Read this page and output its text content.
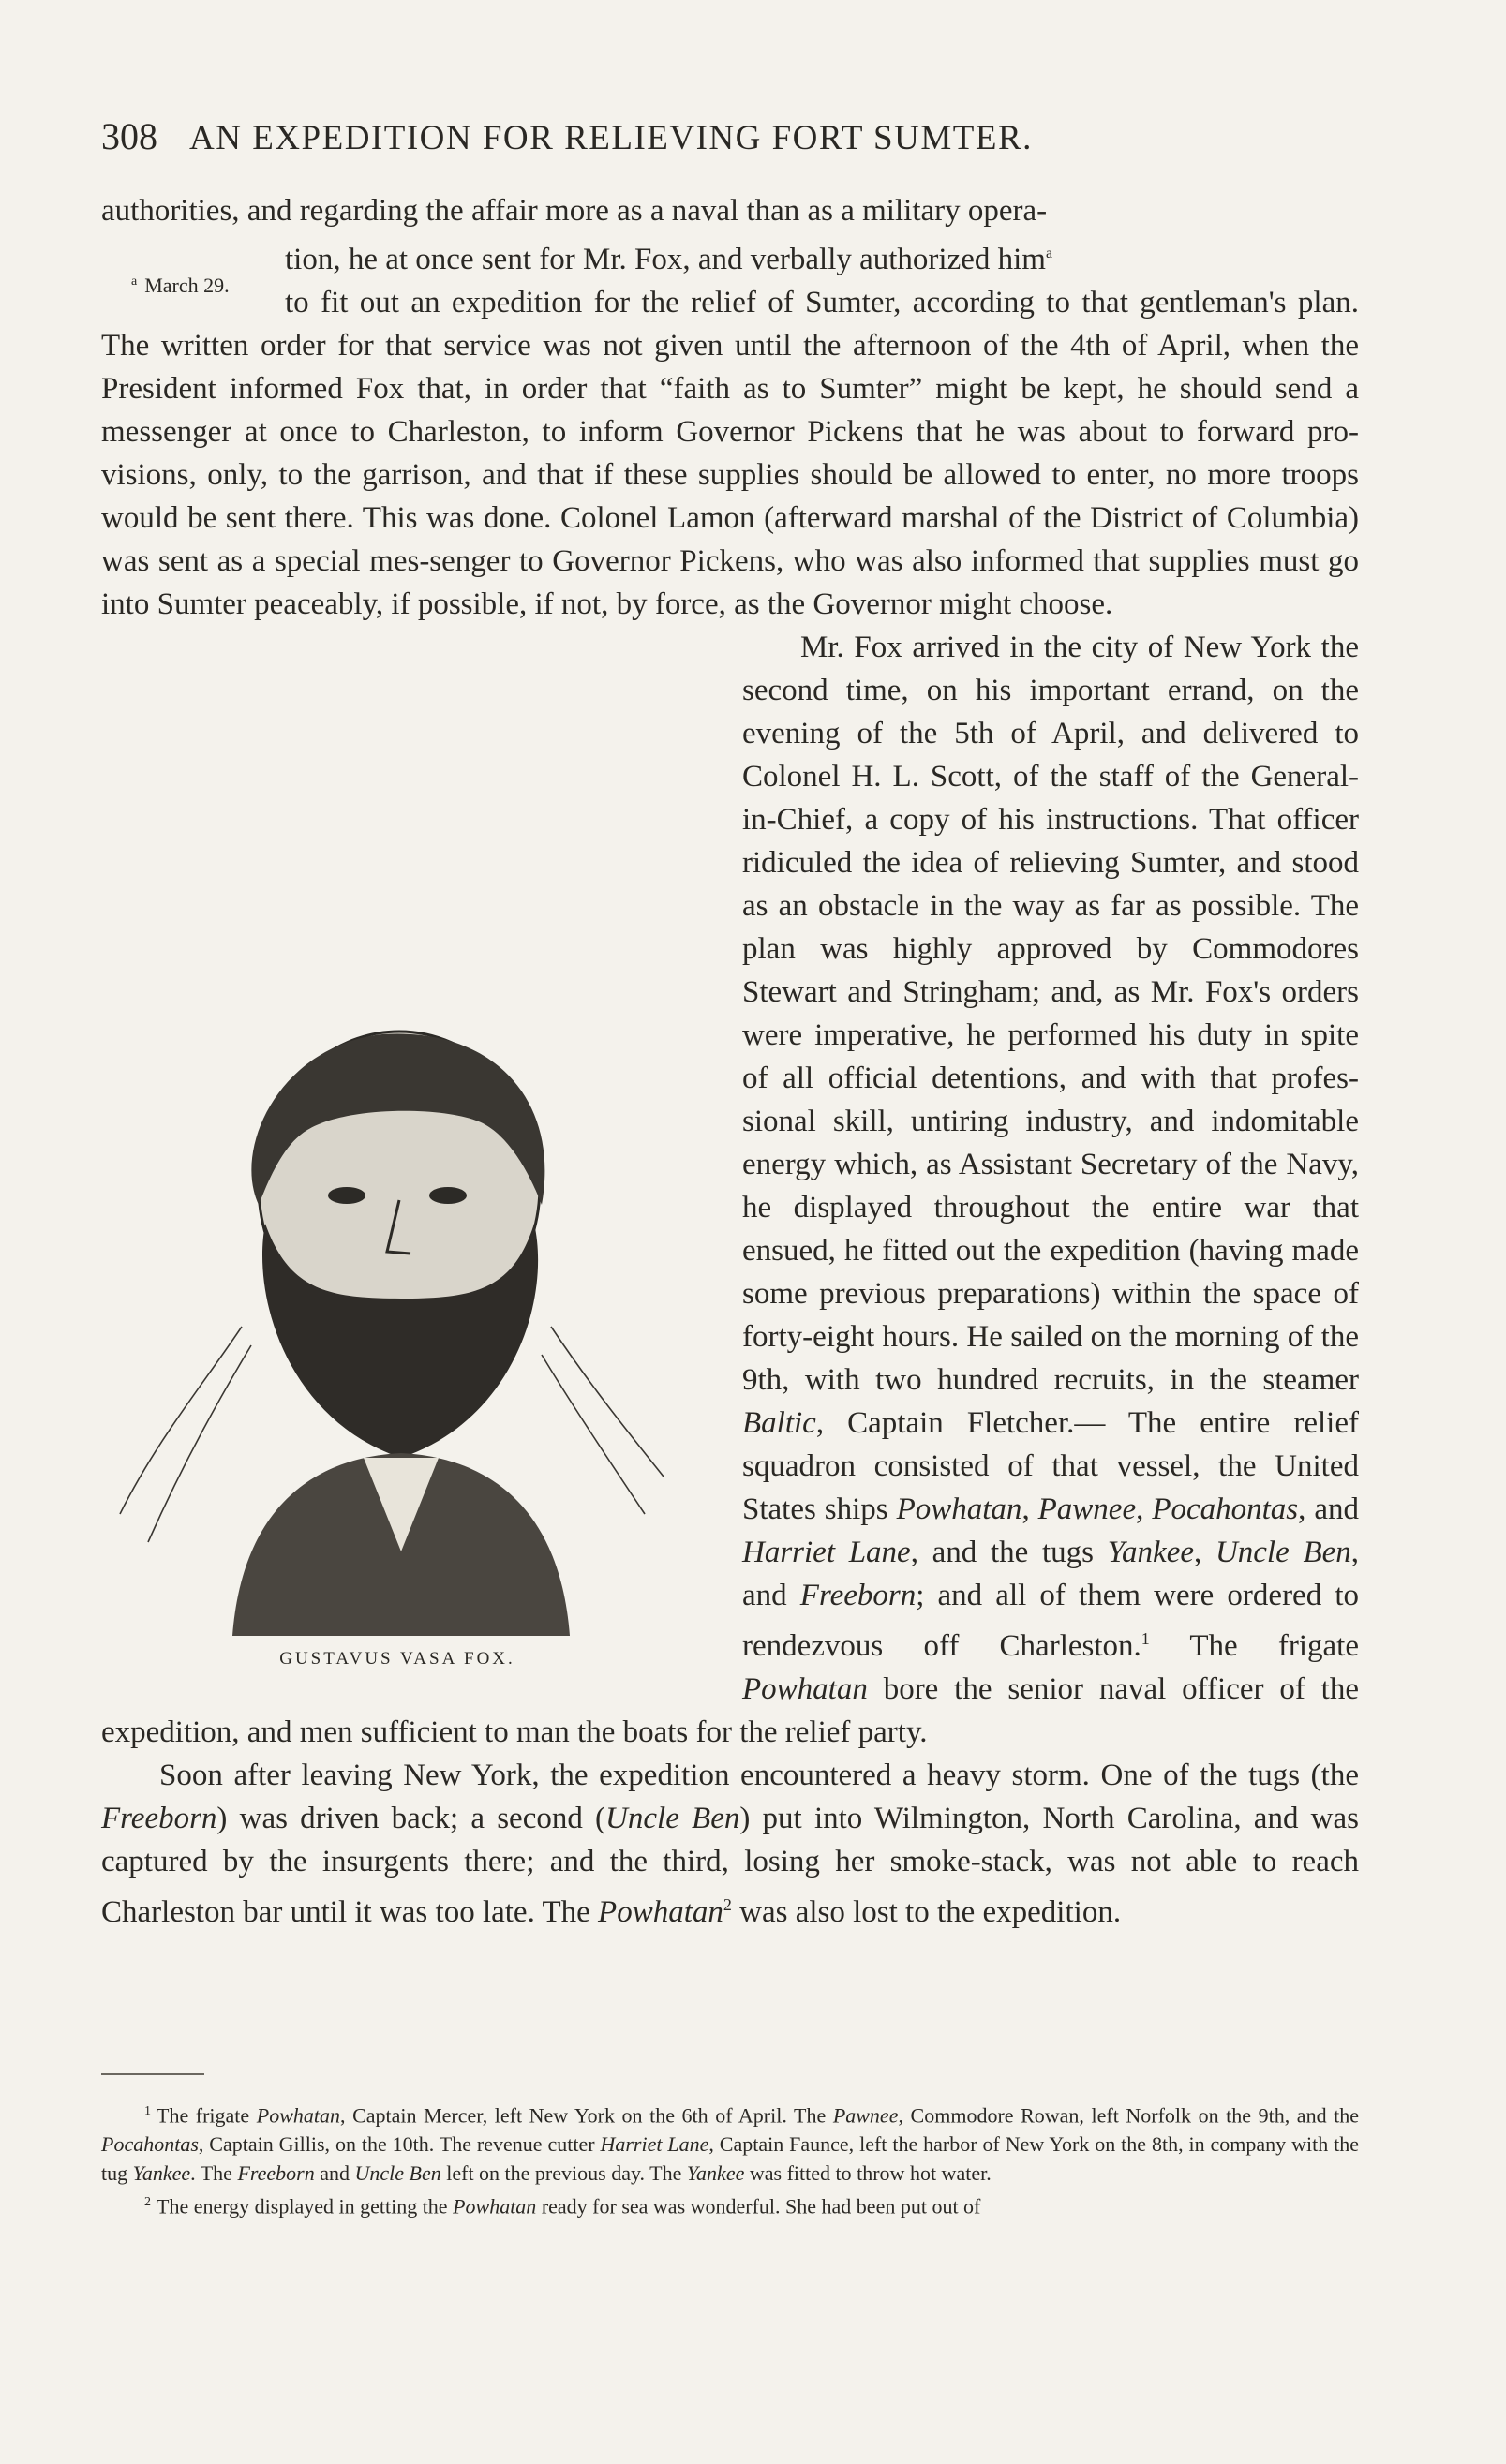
308 AN EXPEDITION FOR RELIEVING FORT SUMTER.
$^a$ March 29.

authorities, and regarding the affair more as a naval than as a military opera-
tion, he at once sent for Mr. Fox, and verbally authorized him$^a$
to fit out an expedition for the relief of Sumter, according to that gentleman's plan. The written order for that service was not given until the afternoon of the 4th of April, when the President informed Fox that, in order that “faith as to Sumter” might be kept, he should send a messenger at once to Charleston, to inform Governor Pickens that he was about to forward pro-visions, only, to the garrison, and that if these supplies should be allowed to enter, no more troops would be sent there. This was done. Colonel Lamon (afterward marshal of the District of Columbia) was sent as a special mes-senger to Governor Pickens, who was also informed that supplies must go into Sumter peaceably, if possible, if not, by force, as the Governor might choose.

GUSTAVUS VASA FOX.
Mr. Fox arrived in the city of New York the second time, on his important errand, on the evening of the 5th of April, and delivered to Colonel H. L. Scott, of the staff of the General-in-Chief, a copy of his instructions. That officer ridiculed the idea of relieving Sumter, and stood as an obstacle in the way as far as possible. The plan was highly approved by Commodores Stewart and Stringham; and, as Mr. Fox's orders were imperative, he performed his duty in spite of all official detentions, and with that profes-sional skill, untiring industry, and indomitable energy which, as Assistant Secretary of the Navy, he displayed throughout the entire war that ensued, he fitted out the expedition (having made some previous preparations) within the space of forty-eight hours. He sailed on the morning of the 9th, with two hundred recruits, in the steamer Baltic, Captain Fletcher.— The entire relief squadron consisted of that vessel, the United States ships Powhatan, Pawnee, Pocahontas, and Harriet Lane, and the tugs Yankee, Uncle Ben, and Freeborn; and all of them were ordered to rendezvous off Charleston.$^1$ The frigate Powhatan bore the senior naval officer of the expedition, and men sufficient to man the boats for the relief party.

Soon after leaving New York, the expedition encountered a heavy storm. One of the tugs (the Freeborn) was driven back; a second (Uncle Ben) put into Wilmington, North Carolina, and was captured by the insurgents there; and the third, losing her smoke-stack, was not able to reach Charleston bar until it was too late. The Powhatan$^2$ was also lost to the expedition.

$^1$ The frigate Powhatan, Captain Mercer, left New York on the 6th of April. The Pawnee, Commodore Rowan, left Norfolk on the 9th, and the Pocahontas, Captain Gillis, on the 10th. The revenue cutter Harriet Lane, Captain Faunce, left the harbor of New York on the 8th, in company with the tug Yankee. The Freeborn and Uncle Ben left on the previous day. The Yankee was fitted to throw hot water.

$^2$ The energy displayed in getting the Powhatan ready for sea was wonderful. She had been put out of
